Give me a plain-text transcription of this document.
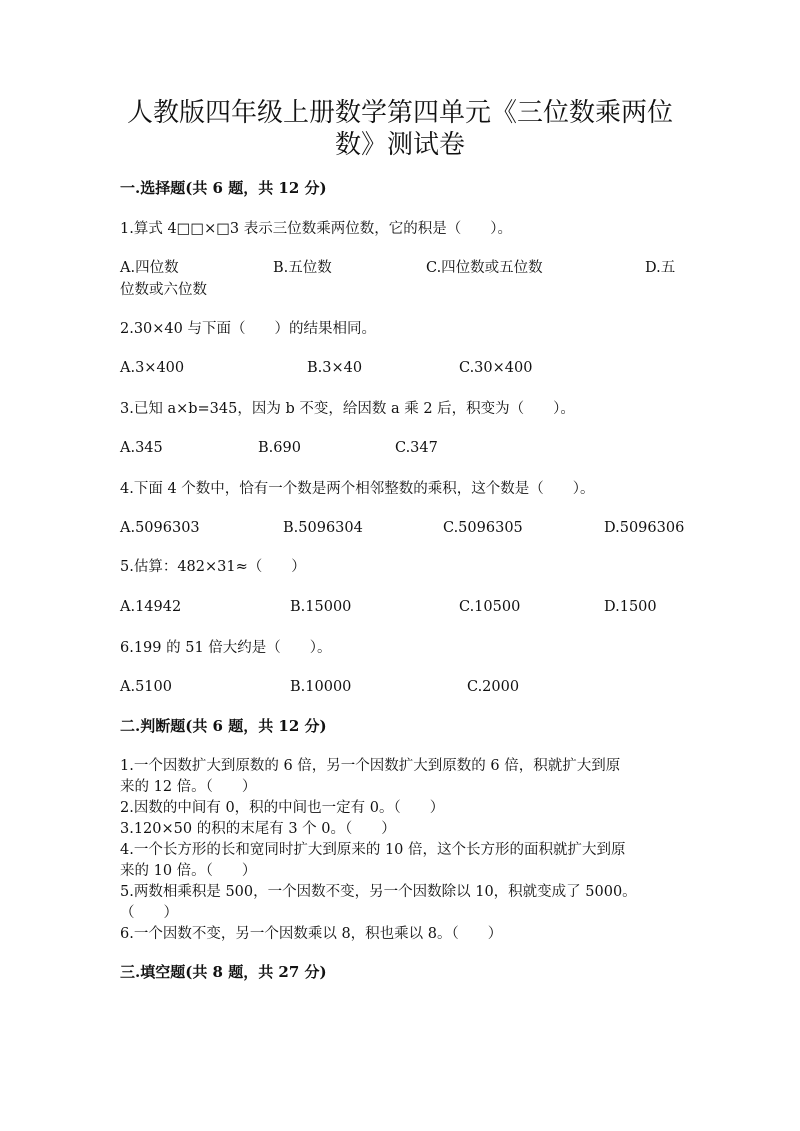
人教版四年级上册数学第四单元《三位数乘两位
数》测试卷
一.选择题(共 6 题，共 12 分)
1.算式 4□□×□3 表示三位数乘两位数，它的积是（　　）。
A.四位数	B.五位数	C.四位数或五位数	D.五
位数或六位数
2.30×40 与下面（　　）的结果相同。
A.3×400	B.3×40	C.30×400
3.已知 a×b=345，因为 b 不变，给因数 a 乘 2 后，积变为（　　）。
A.345	B.690	C.347
4.下面 4 个数中，恰有一个数是两个相邻整数的乘积，这个数是（　　）。
A.5096303	B.5096304	C.5096305	D.5096306
5.估算：482×31≈（　　）
A.14942	B.15000	C.10500	D.1500
6.199 的 51 倍大约是（　　）。
A.5100	B.10000	C.2000
二.判断题(共 6 题，共 12 分)
1.一个因数扩大到原数的 6 倍，另一个因数扩大到原数的 6 倍，积就扩大到原
来的 12 倍。（　　）
2.因数的中间有 0，积的中间也一定有 0。（　　）
3.120×50 的积的末尾有 3 个 0。（　　）
4.一个长方形的长和宽同时扩大到原来的 10 倍，这个长方形的面积就扩大到原
来的 10 倍。（　　）
5.两数相乘积是 500，一个因数不变，另一个因数除以 10，积就变成了 5000。
（　　）
6.一个因数不变，另一个因数乘以 8，积也乘以 8。（　　）
三.填空题(共 8 题，共 27 分)
